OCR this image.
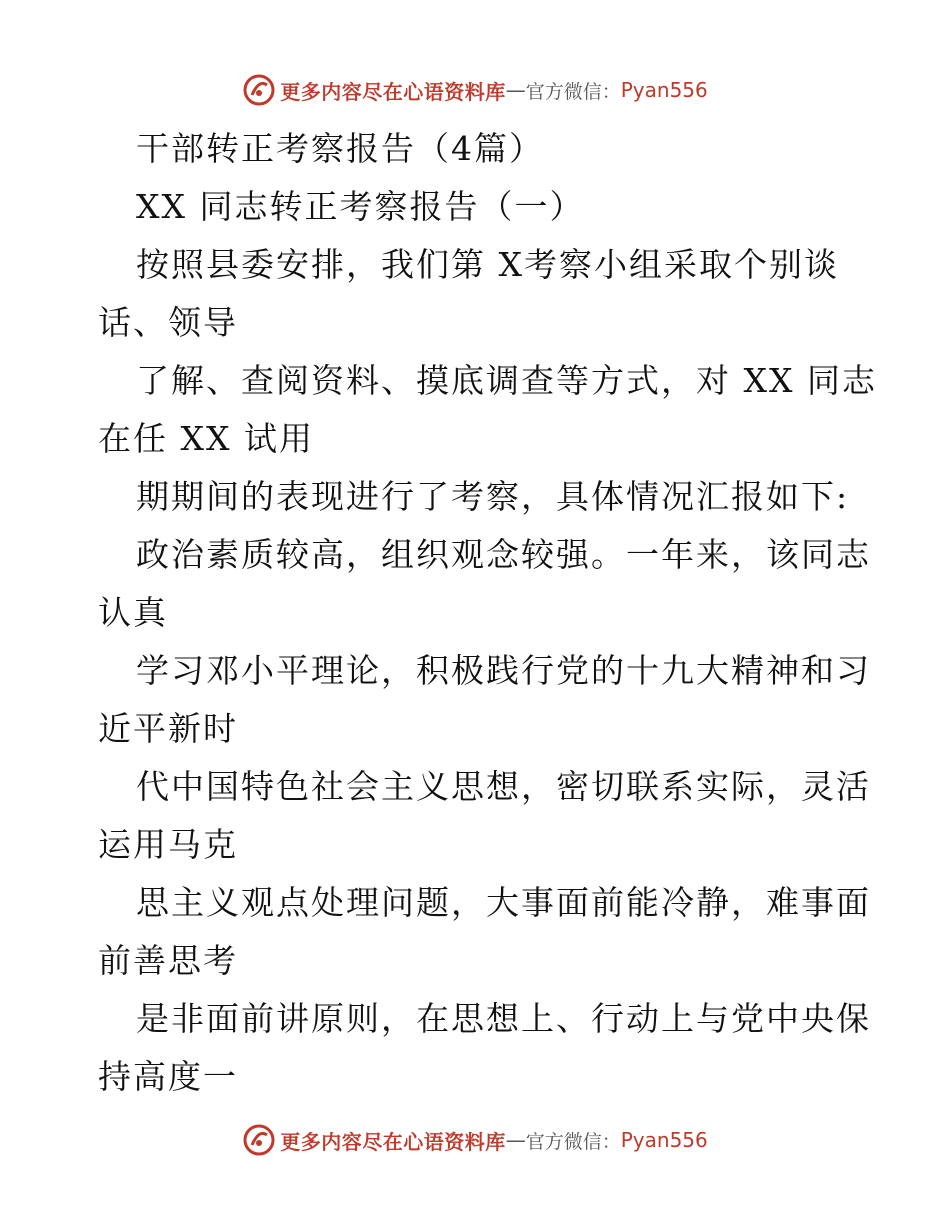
更多内容尽在心语资料库 — 官方微信： Pyan556
干部转正考察报告（4篇）
XX 同志转正考察报告（一）
按照县委安排，我们第 X考察小组采取个别谈
话、领导
了解、查阅资料、摸底调查等方式，对 XX 同志
在任 XX 试用
期期间的表现进行了考察，具体情况汇报如下:
政治素质较高，组织观念较强。一年来，该同志
认真
学习邓小平理论，积极践行党的十九大精神和习
近平新时
代中国特色社会主义思想，密切联系实际，灵活
运用马克
思主义观点处理问题，大事面前能冷静，难事面
前善思考
是非面前讲原则，在思想上、行动上与党中央保
持高度一
更多内容尽在心语资料库 — 官方微信： Pyan556
